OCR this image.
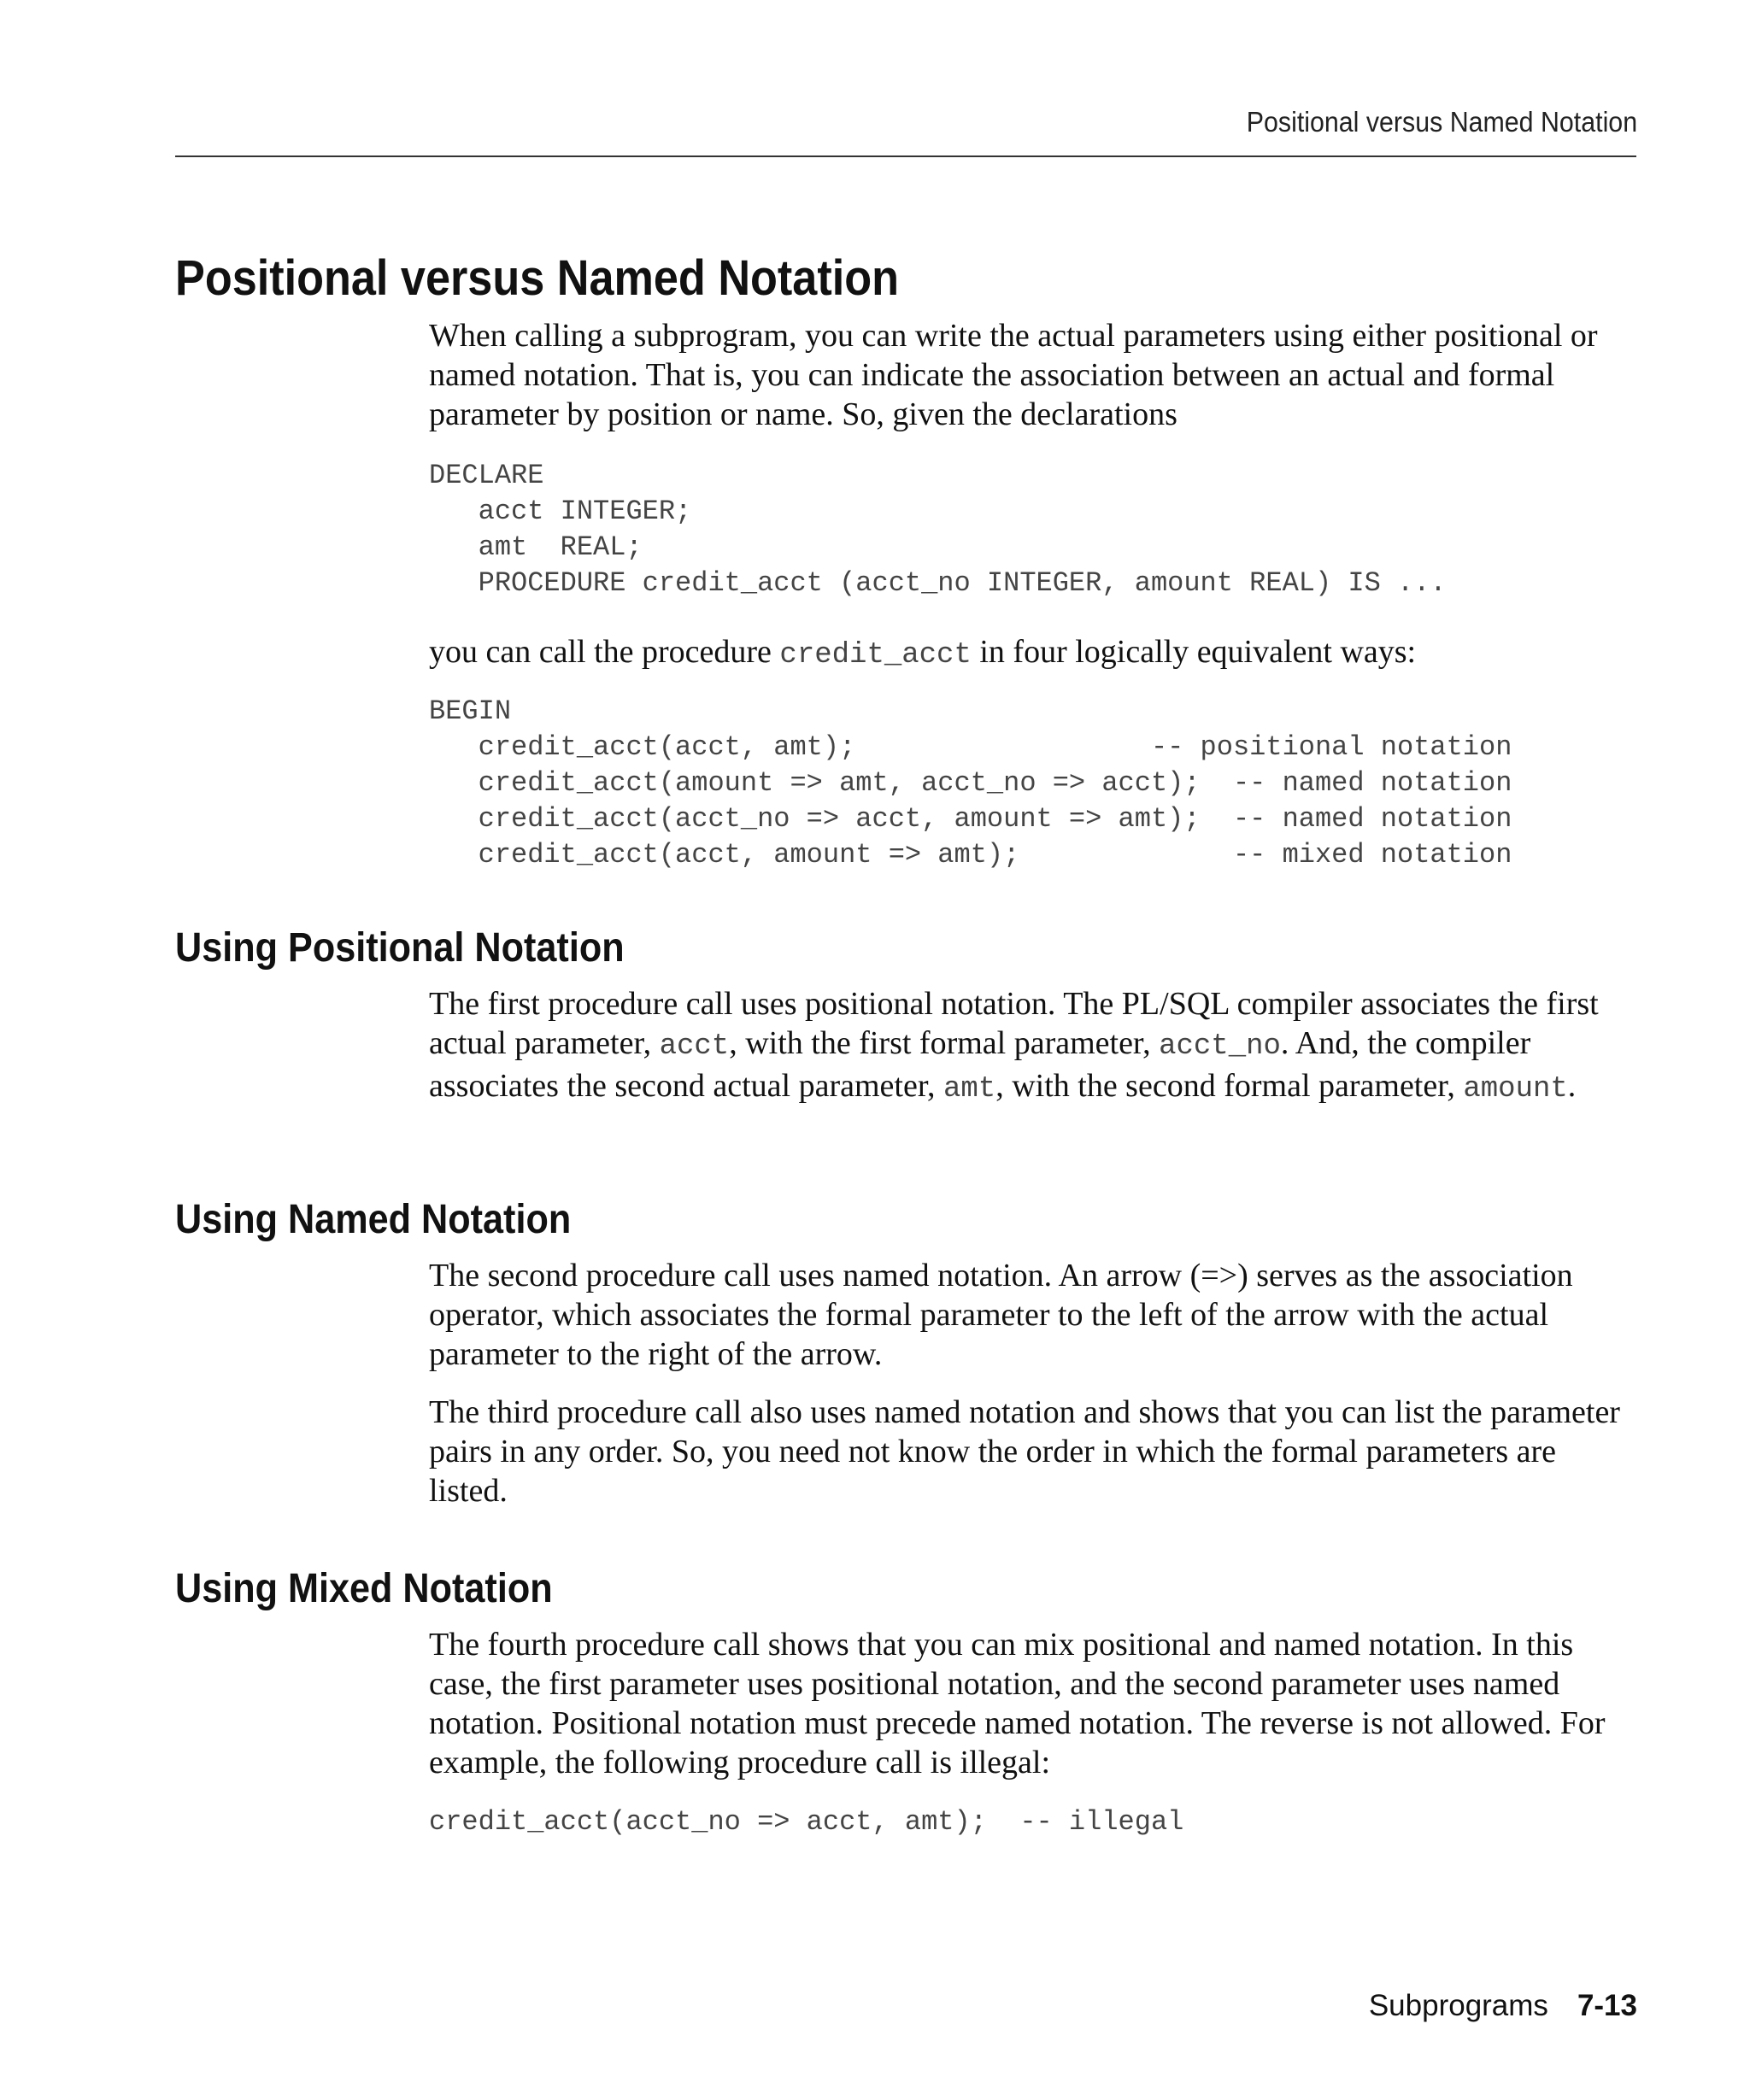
Positional versus Named Notation
Positional versus Named Notation

When calling a subprogram, you can write the actual parameters using either positional or named notation. That is, you can indicate the association between an actual and formal parameter by position or name. So, given the declarations

DECLARE
acct INTEGER;
amt  REAL;
PROCEDURE credit_acct (acct_no INTEGER, amount REAL) IS ...

you can call the procedure credit_acct in four logically equivalent ways:

BEGIN
credit_acct(acct, amt);                  -- positional notation
credit_acct(amount => amt, acct_no => acct);  -- named notation
credit_acct(acct_no => acct, amount => amt);  -- named notation
credit_acct(acct, amount => amt);             -- mixed notation
Using Positional Notation

The first procedure call uses positional notation. The PL/SQL compiler associates the first actual parameter, acct, with the first formal parameter, acct_no. And, the compiler associates the second actual parameter, amt, with the second formal parameter, amount.

Using Named Notation

The second procedure call uses named notation. An arrow (=>) serves as the association operator, which associates the formal parameter to the left of the arrow with the actual parameter to the right of the arrow.

The third procedure call also uses named notation and shows that you can list the parameter pairs in any order. So, you need not know the order in which the formal parameters are listed.

Using Mixed Notation

The fourth procedure call shows that you can mix positional and named notation. In this case, the first parameter uses positional notation, and the second parameter uses named notation. Positional notation must precede named notation. The reverse is not allowed. For example, the following procedure call is illegal:

credit_acct(acct_no => acct, amt);  -- illegal
Subprograms 7-13
